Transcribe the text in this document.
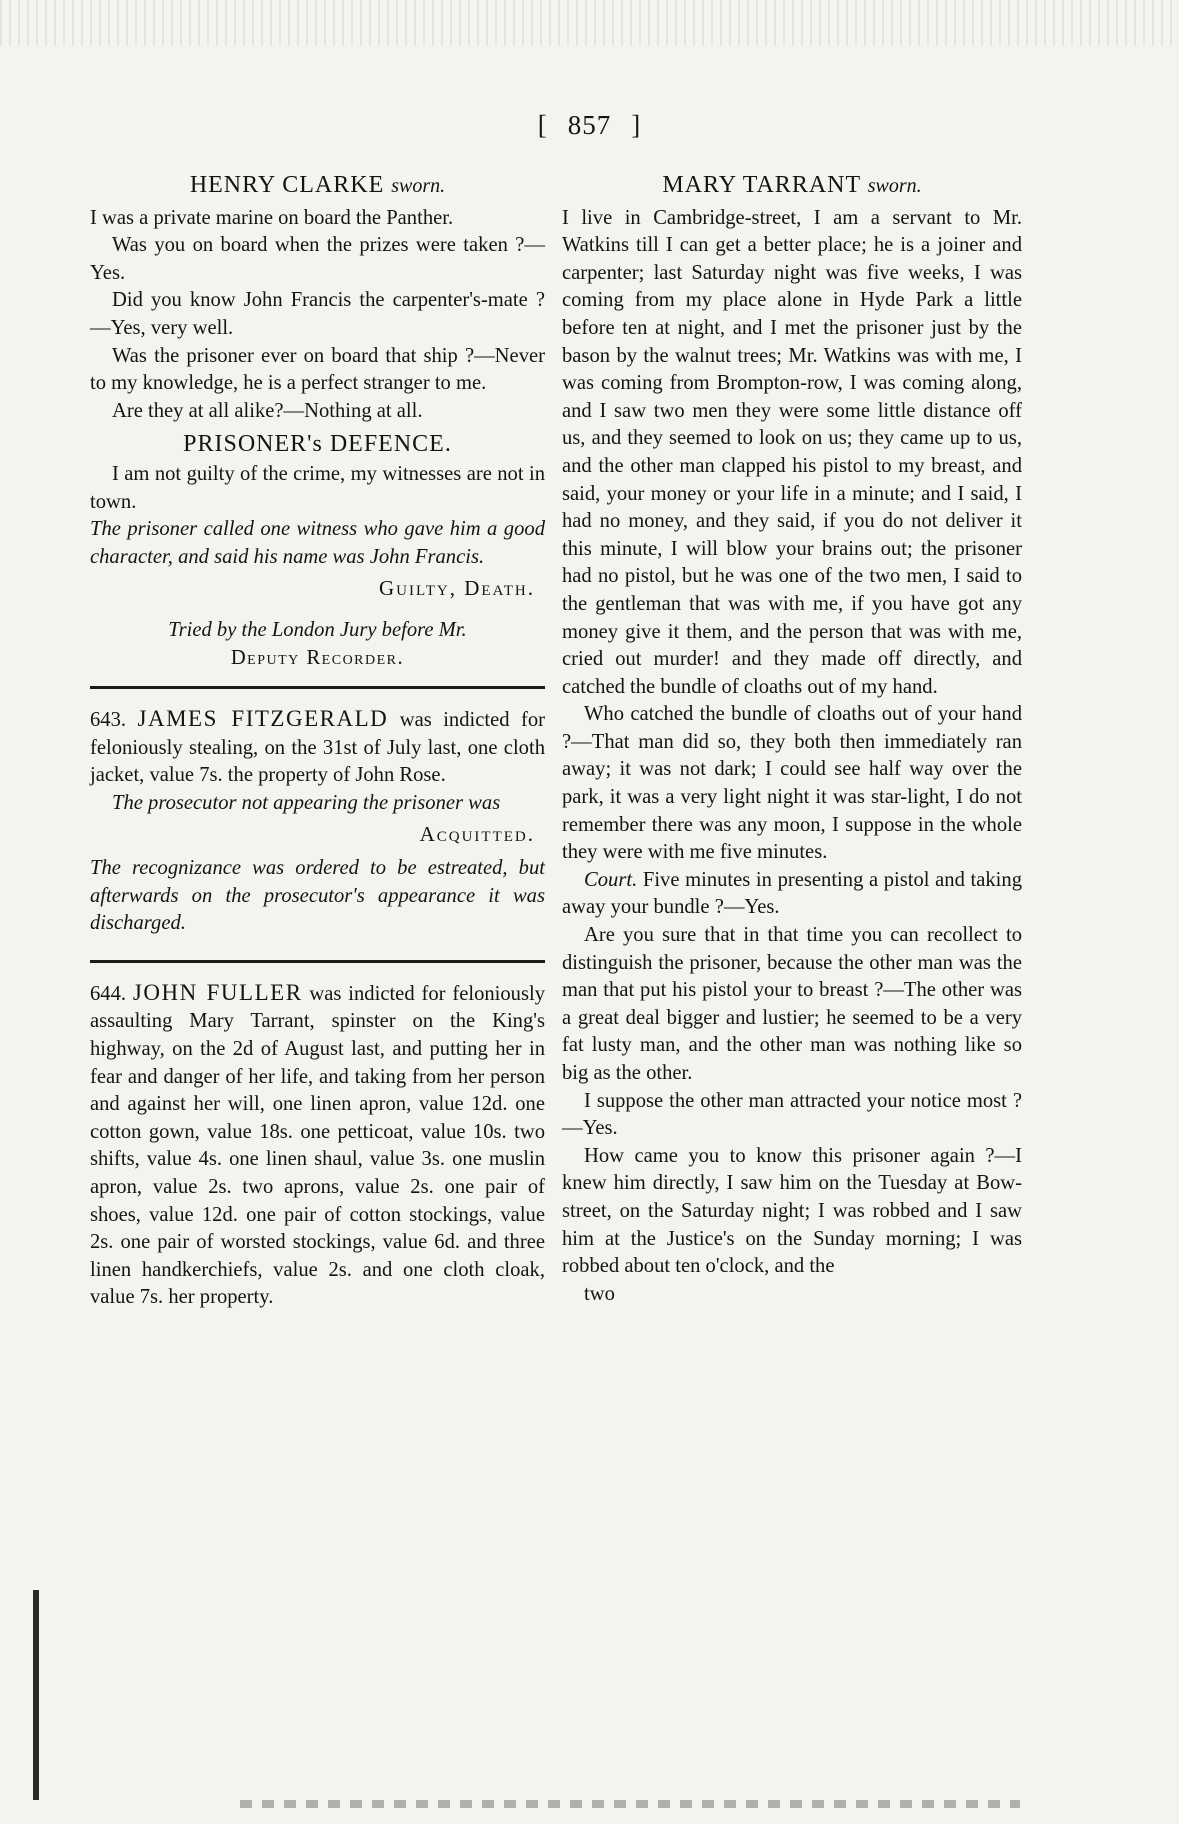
[ 857 ]
HENRY CLARKE sworn.

I was a private marine on board the Panther.

Was you on board when the prizes were taken ?—Yes.

Did you know John Francis the carpenter's-mate ?—Yes, very well.

Was the prisoner ever on board that ship ?—Never to my knowledge, he is a perfect stranger to me.

Are they at all alike?—Nothing at all.

PRISONER's DEFENCE.

I am not guilty of the crime, my witnesses are not in town.

The prisoner called one witness who gave him a good character, and said his name was John Francis.

Guilty, Death.
Tried by the London Jury before Mr.
Deputy Recorder.

643. JAMES FITZGERALD was indicted for feloniously stealing, on the 31st of July last, one cloth jacket, value 7s. the property of John Rose.

The prosecutor not appearing the prisoner was

Acquitted.

The recognizance was ordered to be estreated, but afterwards on the prosecutor's appearance it was discharged.

644. JOHN FULLER was indicted for feloniously assaulting Mary Tarrant, spinster on the King's highway, on the 2d of August last, and putting her in fear and danger of her life, and taking from her person and against her will, one linen apron, value 12d. one cotton gown, value 18s. one petticoat, value 10s. two shifts, value 4s. one linen shaul, value 3s. one muslin apron, value 2s. two aprons, value 2s. one pair of shoes, value 12d. one pair of cotton stockings, value 2s. one pair of worsted stockings, value 6d. and three linen handkerchiefs, value 2s. and one cloth cloak, value 7s. her property.

MARY TARRANT sworn.

I live in Cambridge-street, I am a servant to Mr. Watkins till I can get a better place; he is a joiner and carpenter; last Saturday night was five weeks, I was coming from my place alone in Hyde Park a little before ten at night, and I met the prisoner just by the bason by the walnut trees; Mr. Watkins was with me, I was coming from Brompton-row, I was coming along, and I saw two men they were some little distance off us, and they seemed to look on us; they came up to us, and the other man clapped his pistol to my breast, and said, your money or your life in a minute; and I said, I had no money, and they said, if you do not deliver it this minute, I will blow your brains out; the prisoner had no pistol, but he was one of the two men, I said to the gentleman that was with me, if you have got any money give it them, and the person that was with me, cried out murder! and they made off directly, and catched the bundle of cloaths out of my hand.

Who catched the bundle of cloaths out of your hand ?—That man did so, they both then immediately ran away; it was not dark; I could see half way over the park, it was a very light night it was star-light, I do not remember there was any moon, I suppose in the whole they were with me five minutes.

Court. Five minutes in presenting a pistol and taking away your bundle ?—Yes.

Are you sure that in that time you can recollect to distinguish the prisoner, because the other man was the man that put his pistol your to breast ?—The other was a great deal bigger and lustier; he seemed to be a very fat lusty man, and the other man was nothing like so big as the other.

I suppose the other man attracted your notice most ?—Yes.

How came you to know this prisoner again ?—I knew him directly, I saw him on the Tuesday at Bow-street, on the Saturday night; I was robbed and I saw him at the Justice's on the Sunday morning; I was robbed about ten o'clock, and the

two
